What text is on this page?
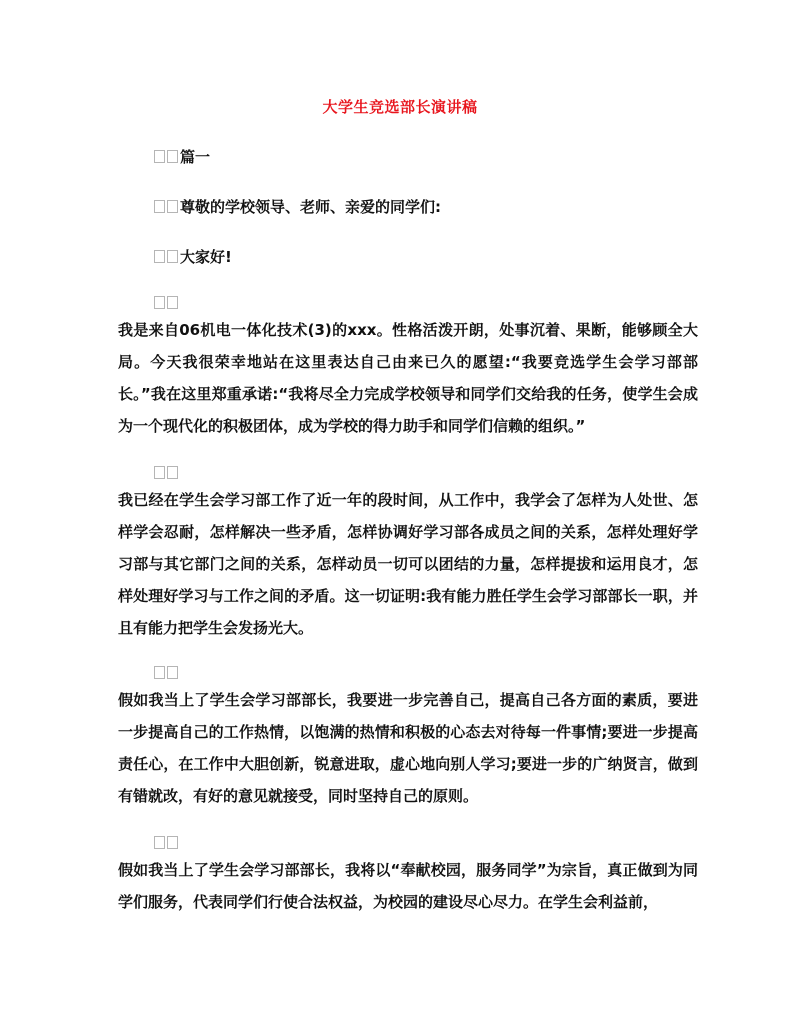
大学生竞选部长演讲稿
篇一
尊敬的学校领导、老师、亲爱的同学们:
大家好!
我是来自06机电一体化技术(3)的xxx。性格活泼开朗，处事沉着、果断，能够顾全大局。今天我很荣幸地站在这里表达自己由来已久的愿望:“我要竞选学生会学习部部长。”我在这里郑重承诺:“我将尽全力完成学校领导和同学们交给我的任务，使学生会成为一个现代化的积极团体，成为学校的得力助手和同学们信赖的组织。”
我已经在学生会学习部工作了近一年的段时间，从工作中，我学会了怎样为人处世、怎样学会忍耐，怎样解决一些矛盾，怎样协调好学习部各成员之间的关系，怎样处理好学习部与其它部门之间的关系，怎样动员一切可以团结的力量，怎样提拔和运用良才，怎样处理好学习与工作之间的矛盾。这一切证明:我有能力胜任学生会学习部部长一职，并且有能力把学生会发扬光大。
假如我当上了学生会学习部部长，我要进一步完善自己，提高自己各方面的素质，要进一步提高自己的工作热情，以饱满的热情和积极的心态去对待每一件事情;要进一步提高责任心，在工作中大胆创新，锐意进取，虚心地向别人学习;要进一步的广纳贤言，做到有错就改，有好的意见就接受，同时坚持自己的原则。
假如我当上了学生会学习部部长，我将以“奉献校园，服务同学”为宗旨，真正做到为同学们服务，代表同学们行使合法权益，为校园的建设尽心尽力。在学生会利益前，
